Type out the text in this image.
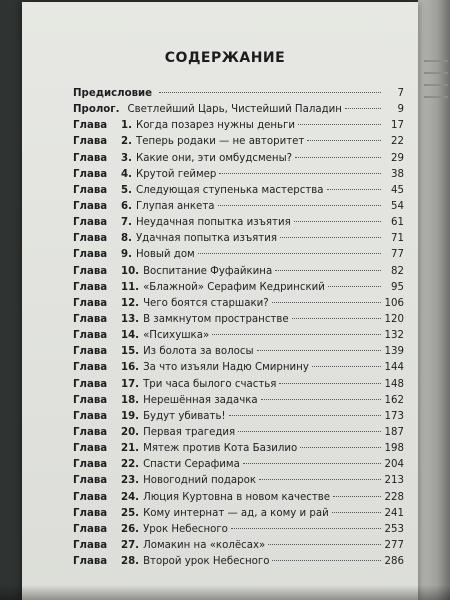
СОДЕРЖАНИЕ
Предисловие	7
Пролог. Светлейший Царь, Чистейший Паладин	9
Глава	1. Когда позарез нужны деньги	17
Глава	2. Теперь родаки — не авторитет	22
Глава	3. Какие они, эти омбудсмены?	29
Глава	4. Крутой геймер	38
Глава	5. Следующая ступенька мастерства	45
Глава	6. Глупая анкета	54
Глава	7. Неудачная попытка изъятия	61
Глава	8. Удачная попытка изъятия	71
Глава	9. Новый дом	77
Глава	10. Воспитание Фуфайкина	82
Глава	11. «Блажной» Серафим Кедринский	95
Глава	12. Чего боятся старшаки?	106
Глава	13. В замкнутом пространстве	120
Глава	14. «Психушка»	132
Глава	15. Из болота за волосы	139
Глава	16. За что изъяли Надю Смирнину	144
Глава	17. Три часа былого счастья	148
Глава	18. Нерешённая задачка	162
Глава	19. Будут убивать!	173
Глава	20. Первая трагедия	187
Глава	21. Мятеж против Кота Базилио	198
Глава	22. Спасти Серафима	204
Глава	23. Новогодний подарок	213
Глава	24. Люция Куртовна в новом качестве	228
Глава	25. Кому интернат — ад, а кому и рай	241
Глава	26. Урок Небесного	253
Глава	27. Ломакин на «колёсах»	277
Глава	28. Второй урок Небесного	286
